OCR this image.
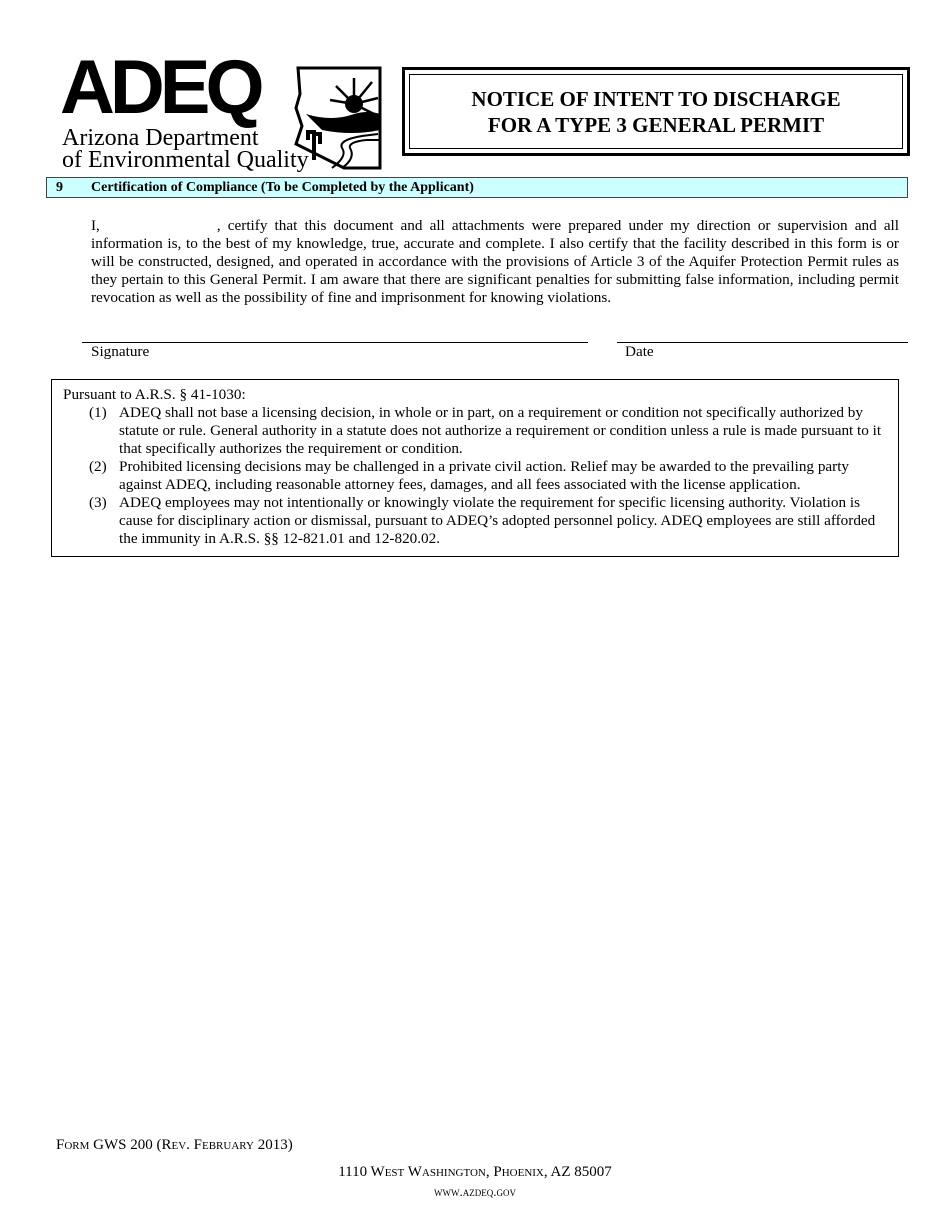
ADEQ
Arizona Department
of Environmental Quality
NOTICE OF INTENT TO DISCHARGE
FOR A TYPE 3 GENERAL PERMIT
9 Certification of Compliance (To be Completed by the Applicant)
I,	, certify that this document and all attachments were prepared under my direction or supervision and all information is, to the best of my knowledge, true, accurate and complete. I also certify that the facility described in this form is or will be constructed, designed, and operated in accordance with the provisions of Article 3 of the Aquifer Protection Permit rules as they pertain to this General Permit. I am aware that there are significant penalties for submitting false information, including permit revocation as well as the possibility of fine and imprisonment for knowing violations.
Signature	Date
Pursuant to A.R.S. § 41-1030:

(1) ADEQ shall not base a licensing decision, in whole or in part, on a requirement or condition not specifically authorized by statute or rule. General authority in a statute does not authorize a requirement or condition unless a rule is made pursuant to it that specifically authorizes the requirement or condition.

(2) Prohibited licensing decisions may be challenged in a private civil action. Relief may be awarded to the prevailing party against ADEQ, including reasonable attorney fees, damages, and all fees associated with the license application.

(3) ADEQ employees may not intentionally or knowingly violate the requirement for specific licensing authority. Violation is cause for disciplinary action or dismissal, pursuant to ADEQ’s adopted personnel policy. ADEQ employees are still afforded the immunity in A.R.S. §§ 12-821.01 and 12-820.02.

Form GWS 200 (Rev. February 2013)
1110 West Washington, Phoenix, AZ 85007
www.azdeq.gov
